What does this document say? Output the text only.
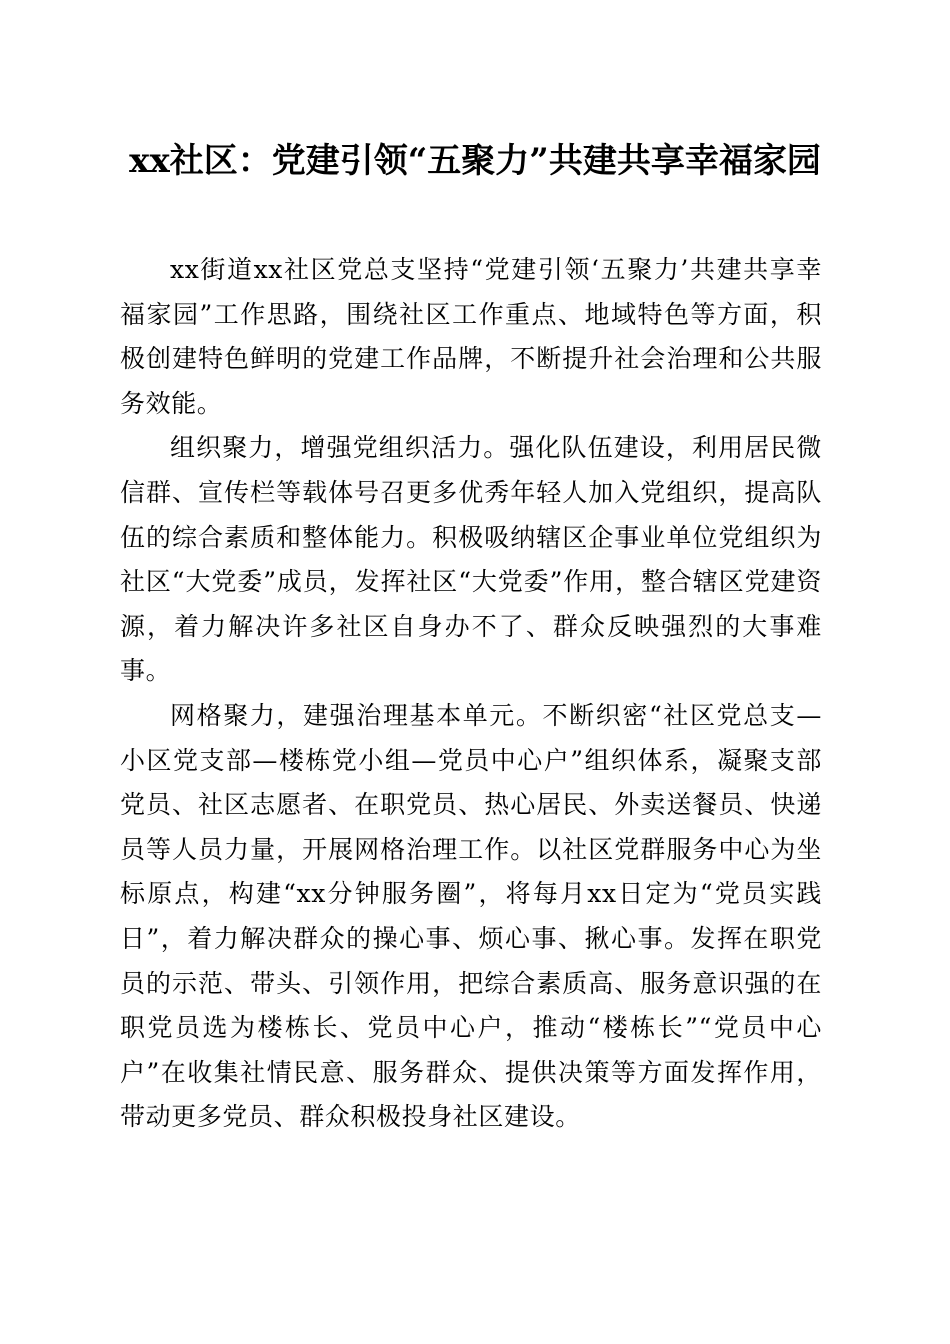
xx社区：党建引领“五聚力”共建共享幸福家园

xx街道xx社区党总支坚持“党建引领‘五聚力’共建共享幸福家园”工作思路，围绕社区工作重点、地域特色等方面，积极创建特色鲜明的党建工作品牌，不断提升社会治理和公共服务效能。

组织聚力，增强党组织活力。强化队伍建设，利用居民微信群、宣传栏等载体号召更多优秀年轻人加入党组织，提高队伍的综合素质和整体能力。积极吸纳辖区企事业单位党组织为社区“大党委”成员，发挥社区“大党委”作用，整合辖区党建资源，着力解决许多社区自身办不了、群众反映强烈的大事难事。

网格聚力，建强治理基本单元。不断织密“社区党总支—小区党支部—楼栋党小组—党员中心户”组织体系，凝聚支部党员、社区志愿者、在职党员、热心居民、外卖送餐员、快递员等人员力量，开展网格治理工作。以社区党群服务中心为坐标原点，构建“xx分钟服务圈”，将每月xx日定为“党员实践日”，着力解决群众的操心事、烦心事、揪心事。发挥在职党员的示范、带头、引领作用，把综合素质高、服务意识强的在职党员选为楼栋长、党员中心户，推动“楼栋长”“党员中心户”在收集社情民意、服务群众、提供决策等方面发挥作用，带动更多党员、群众积极投身社区建设。
